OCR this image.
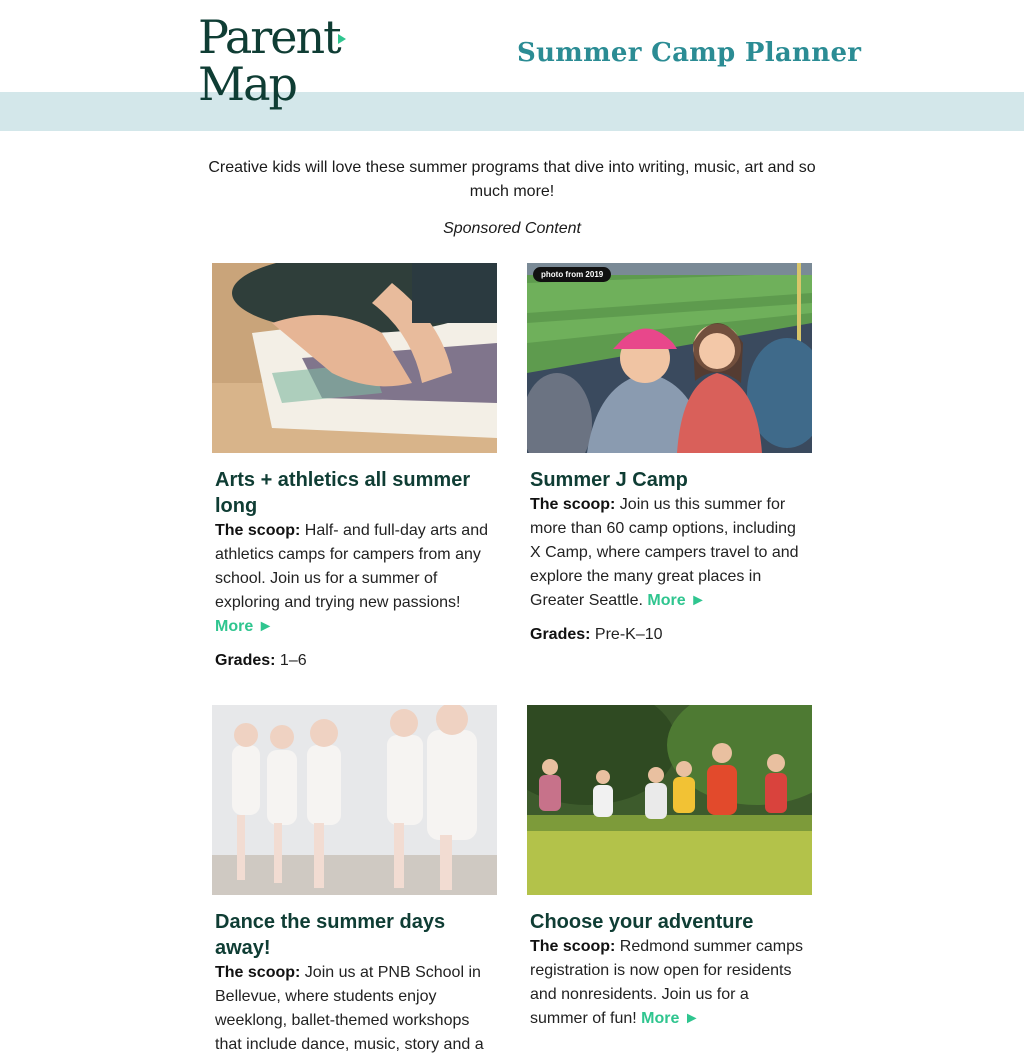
Parent
Map
Summer Camp Planner
Creative kids will love these summer programs that dive into writing, music, art and so much more!
Sponsored Content
Arts + athletics all summer long

The scoop: Half- and full-day arts and athletics camps for campers from any school. Join us for a summer of exploring and trying new passions! More ►

Grades: 1–6

photo from 2019
Summer J Camp

The scoop: Join us this summer for more than 60 camp options, including X Camp, where campers travel to and explore the many great places in Greater Seattle. More ►

Grades: Pre-K–10

Dance the summer days away!

The scoop: Join us at PNB School in Bellevue, where students enjoy weeklong, ballet-themed workshops that include dance, music, story and a

Choose your adventure

The scoop: Redmond summer camps registration is now open for residents and nonresidents. Join us for a summer of fun! More ►
